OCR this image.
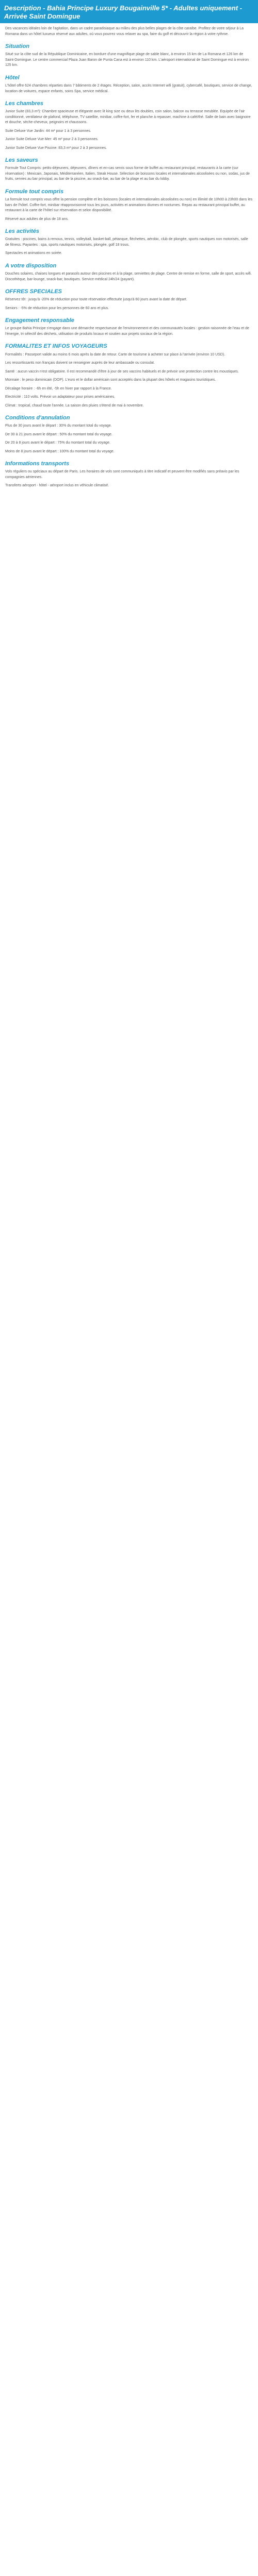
Description - Bahia Principe Luxury Bougainville 5* - Adultes uniquement - Arrivée Saint Domingue

Des vacances idéales loin de l'agitation, dans un cadre paradisiaque au milieu des plus belles plages de la côte caraïbe. Profitez de votre séjour à La Romana dans un hôtel luxueux réservé aux adultes, où vous pourrez vous relaxer au spa, faire du golf et découvrir la région à votre rythme.

Situation

Situé sur la côte sud de la République Dominicaine, en bordure d'une magnifique plage de sable blanc, à environ 15 km de La Romana et 126 km de Saint-Domingue. Le centre commercial Plaza Juan Baron de Punta Cana est à environ 110 km. L'aéroport international de Saint Domingue est à environ 125 km.

Hôtel

L'hôtel offre 624 chambres réparties dans 7 bâtiments de 2 étages. Réception, salon, accès Internet wifi (gratuit), cybercafé, boutiques, service de change, location de voitures, espace enfants, soins Spa, service médical.

Les chambres

Junior Suite (83,3 m²): Chambre spacieuse et élégante avec lit king size ou deux lits doubles, coin salon, balcon ou terrasse meublée. Equipée de l'air conditionné, ventilateur de plafond, téléphone, TV satellite, minibar, coffre-fort, fer et planche à repasser, machine à café/thé. Salle de bain avec baignoire et douche, sèche-cheveux, peignoirs et chaussons.

Suite Deluxe Vue Jardin: 44 m² pour 1 à 3 personnes.

Junior Suite Deluxe Vue Mer: 45 m² pour 2 à 3 personnes.

Junior Suite Deluxe Vue Piscine: 83,3 m² pour 2 à 3 personnes.

Les saveurs

Formule Tout Compris: petits-déjeuners, déjeuners, dîners et en-cas servis sous forme de buffet au restaurant principal, restaurants à la carte (sur réservation) : Mexicain, Japonais, Méditerranéen, Italien, Steak House. Sélection de boissons locales et internationales alcoolisées ou non, sodas, jus de fruits, servies au bar principal, au bar de la piscine, au snack-bar, au bar de la plage et au bar du lobby.

Formule tout compris

La formule tout compris vous offre la pension complète et les boissons (locales et internationales alcoolisées ou non) en illimité de 10h00 à 23h00 dans les bars de l'hôtel. Coffre-fort, minibar réapprovisionné tous les jours, activités et animations diurnes et nocturnes. Repas au restaurant principal buffet, au restaurant à la carte de l'hôtel sur réservation et selon disponibilité.

Réservé aux adultes de plus de 18 ans.

Les activités

Gratuites : piscines, bains à remous, tennis, volleyball, basket-ball, pétanque, fléchettes, aérobic, club de plongée, sports nautiques non motorisés, salle de fitness. Payantes : spa, sports nautiques motorisés, plongée, golf 18 trous.

Spectacles et animations en soirée.

A votre disposition

Douches solaires, chaises longues et parasols autour des piscines et à la plage, serviettes de plage. Centre de remise en forme, salle de sport, accès wifi. Discothèque, bar-lounge, snack-bar, boutiques. Service médical 24h/24 (payant).

OFFRES SPECIALES

Réservez tôt : jusqu'à -20% de réduction pour toute réservation effectuée jusqu'à 60 jours avant la date de départ.

Seniors : -5% de réduction pour les personnes de 60 ans et plus.

Engagement responsable

Le groupe Bahia Principe s'engage dans une démarche respectueuse de l'environnement et des communautés locales : gestion raisonnée de l'eau et de l'énergie, tri sélectif des déchets, utilisation de produits locaux et soutien aux projets sociaux de la région.

FORMALITES ET INFOS VOYAGEURS

Formalités : Passeport valide au moins 6 mois après la date de retour. Carte de tourisme à acheter sur place à l'arrivée (environ 10 USD).

Les ressortissants non français doivent se renseigner auprès de leur ambassade ou consulat.

Santé : aucun vaccin n'est obligatoire. Il est recommandé d'être à jour de ses vaccins habituels et de prévoir une protection contre les moustiques.

Monnaie : le peso dominicain (DOP). L'euro et le dollar américain sont acceptés dans la plupart des hôtels et magasins touristiques.

Décalage horaire : -6h en été, -5h en hiver par rapport à la France.

Electricité : 110 volts. Prévoir un adaptateur pour prises américaines.

Climat : tropical, chaud toute l'année. La saison des pluies s'étend de mai à novembre.

Conditions d'annulation

Plus de 30 jours avant le départ : 30% du montant total du voyage.

De 30 à 21 jours avant le départ : 50% du montant total du voyage.

De 20 à 8 jours avant le départ : 75% du montant total du voyage.

Moins de 8 jours avant le départ : 100% du montant total du voyage.

Informations transports

Vols réguliers ou spéciaux au départ de Paris. Les horaires de vols sont communiqués à titre indicatif et peuvent être modifiés sans préavis par les compagnies aériennes.

Transferts aéroport - hôtel - aéroport inclus en véhicule climatisé.
